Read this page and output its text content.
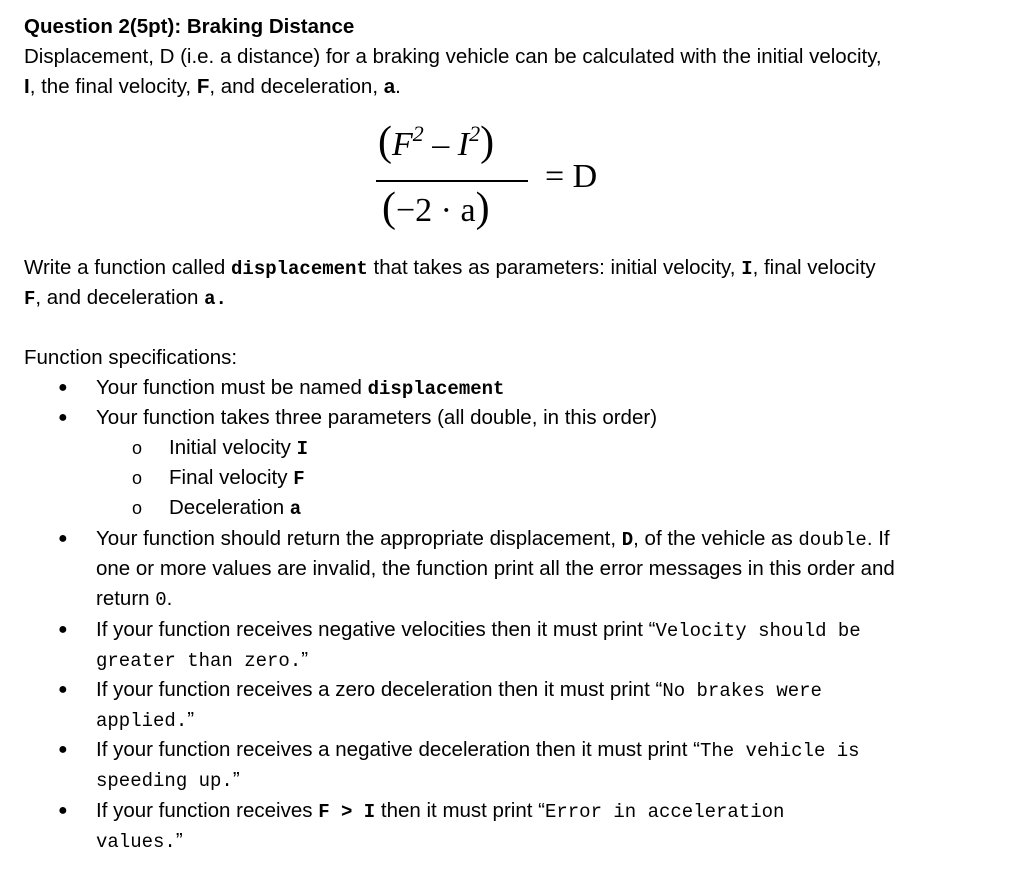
Question 2(5pt): Braking Distance
Displacement, D (i.e. a distance) for a braking vehicle can be calculated with the initial velocity,
I, the final velocity, F, and deceleration, a.
$(F^2 - I^2)$
(−2 · a)
= D
Write a function called displacement that takes as parameters: initial velocity, I, final velocity
F, and deceleration a.
Function specifications:
● Your function must be named displacement
● Your function takes three parameters (all double, in this order)
o Initial velocity I
o Final velocity F
o Deceleration a
● Your function should return the appropriate displacement, D, of the vehicle as double. If
one or more values are invalid, the function print all the error messages in this order and
return 0.
● If your function receives negative velocities then it must print “Velocity should be
greater than zero.”
● If your function receives a zero deceleration then it must print “No brakes were
applied.”
● If your function receives a negative deceleration then it must print “The vehicle is
speeding up.”
● If your function receives F > I then it must print “Error in acceleration
values.”
